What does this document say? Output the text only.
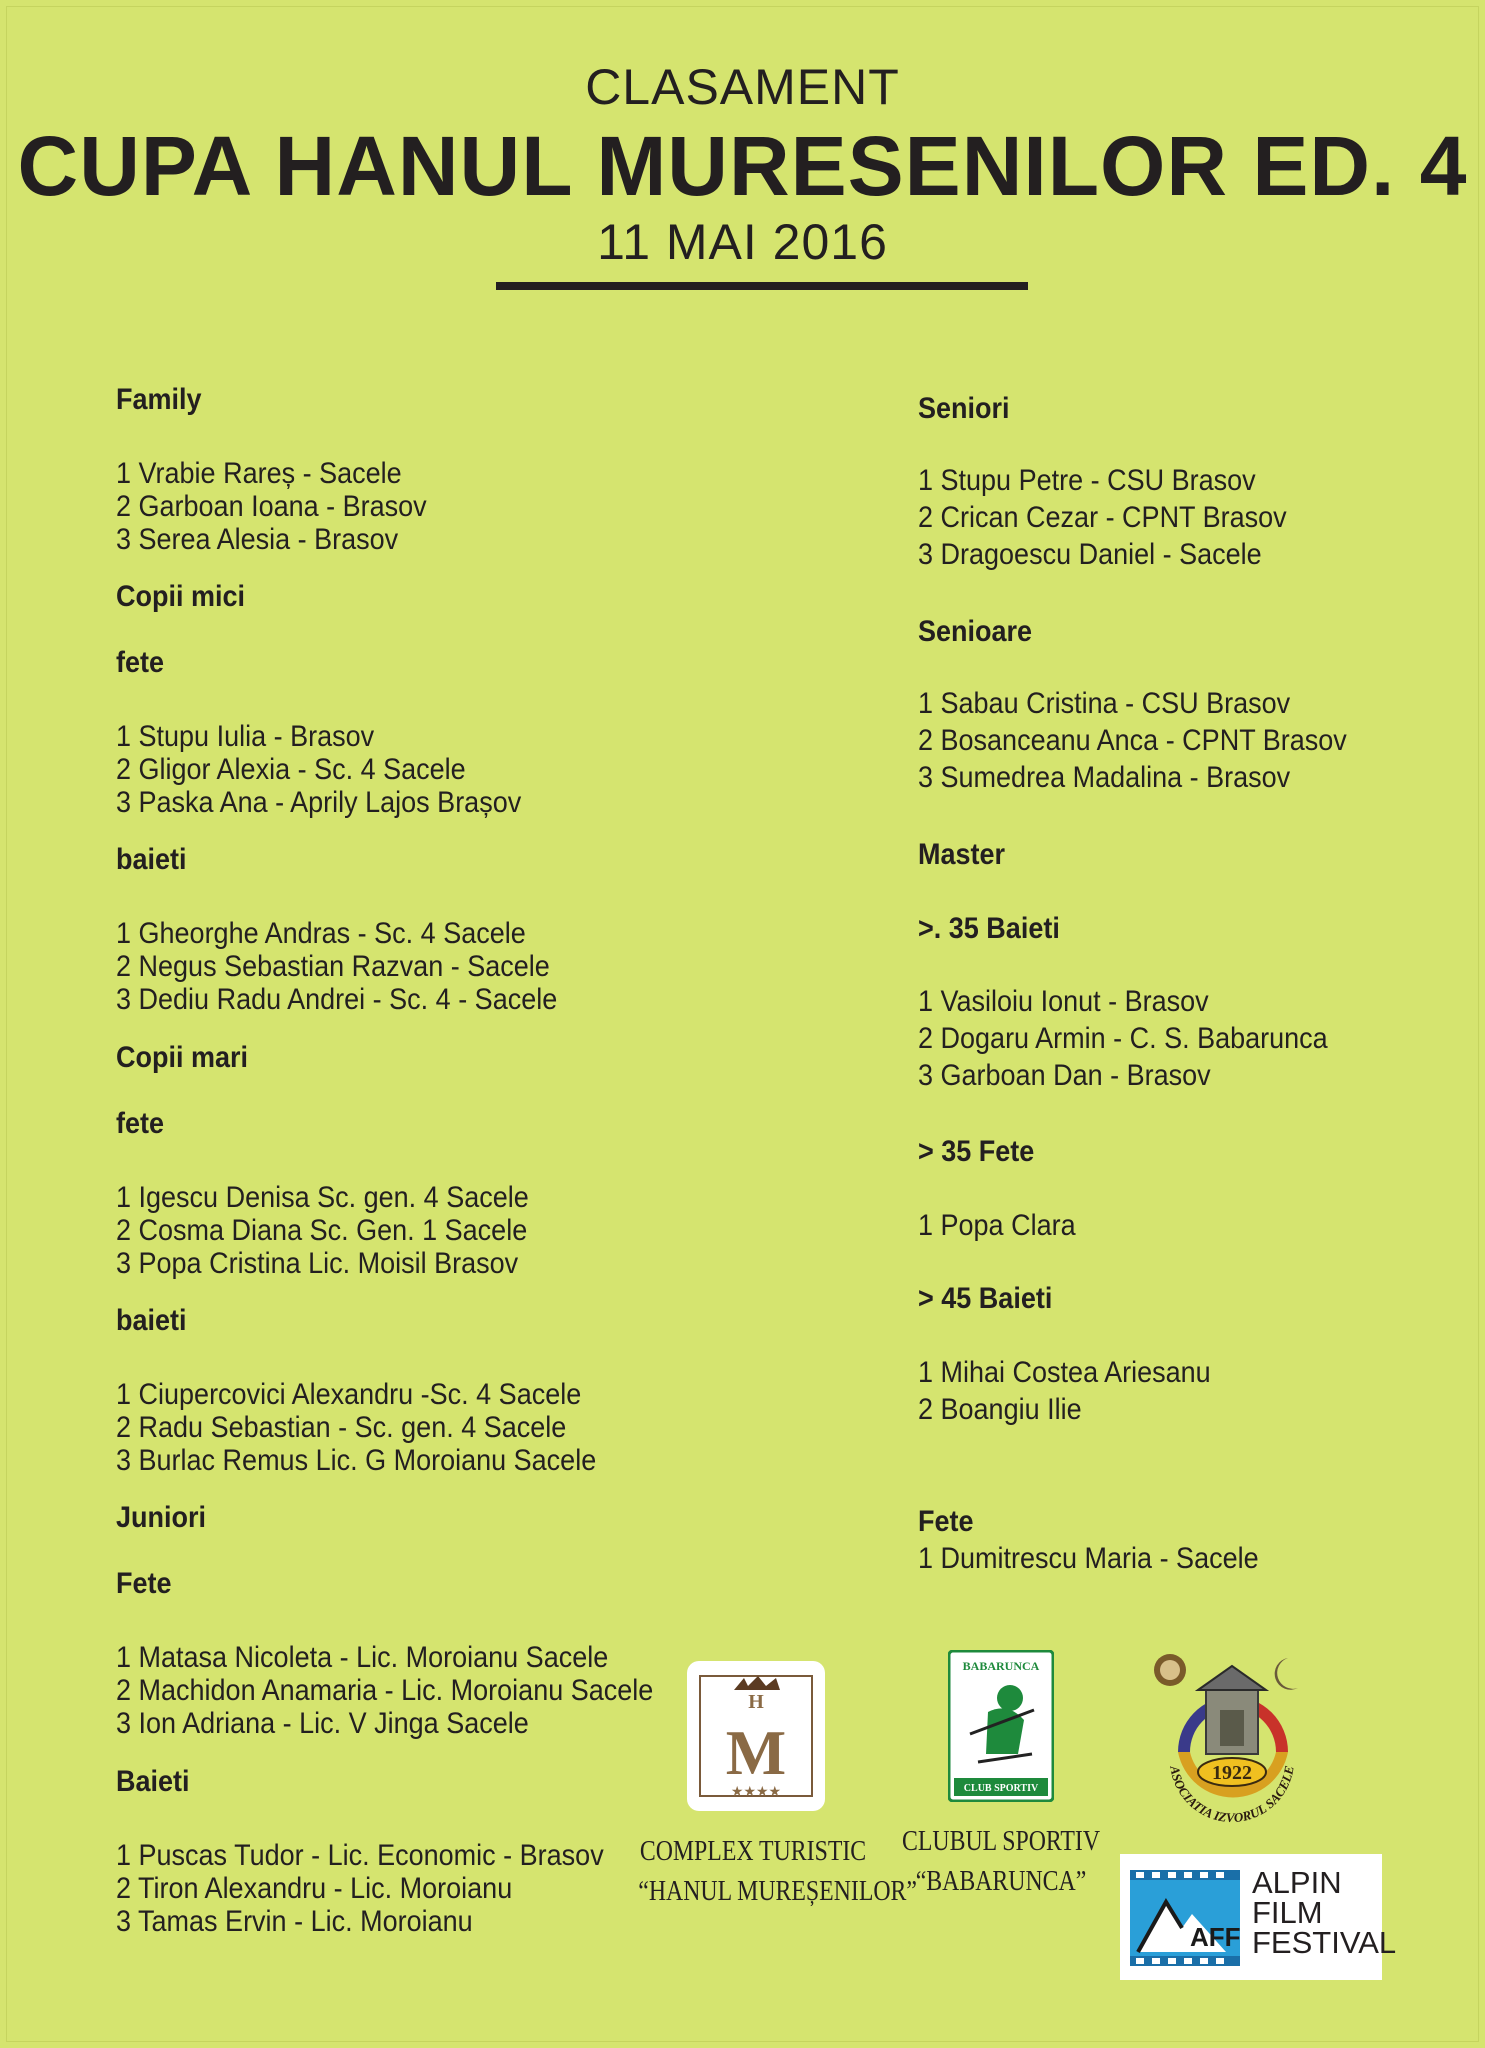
CLASAMENT
CUPA HANUL MURESENILOR ED. 4
11 MAI 2016
Family
1 Vrabie Rareș - Sacele
2 Garboan Ioana - Brasov
3 Serea Alesia - Brasov
Copii mici
fete
1 Stupu Iulia - Brasov
2 Gligor Alexia - Sc. 4 Sacele
3 Paska Ana - Aprily Lajos Brașov
baieti
1 Gheorghe Andras - Sc. 4 Sacele
2 Negus Sebastian Razvan - Sacele
3 Dediu Radu Andrei - Sc. 4 - Sacele
Copii mari
fete
1 Igescu Denisa Sc. gen. 4 Sacele
2 Cosma Diana Sc. Gen. 1 Sacele
3 Popa Cristina Lic. Moisil Brasov
baieti
1 Ciupercovici Alexandru -Sc. 4 Sacele
2 Radu Sebastian - Sc. gen. 4 Sacele
3 Burlac Remus Lic. G Moroianu Sacele
Juniori
Fete
1 Matasa Nicoleta - Lic. Moroianu Sacele
2 Machidon Anamaria - Lic. Moroianu Sacele
3 Ion Adriana - Lic. V Jinga Sacele
Baieti
1 Puscas Tudor - Lic. Economic - Brasov
2 Tiron Alexandru - Lic. Moroianu
3 Tamas Ervin - Lic. Moroianu
Seniori
1 Stupu Petre - CSU Brasov
2 Crican Cezar - CPNT Brasov
3 Dragoescu Daniel - Sacele
Senioare
1 Sabau Cristina - CSU Brasov
2 Bosanceanu Anca - CPNT Brasov
3 Sumedrea Madalina - Brasov
Master
>. 35 Baieti
1 Vasiloiu Ionut - Brasov
2 Dogaru Armin - C. S. Babarunca
3 Garboan Dan - Brasov
> 35 Fete
1 Popa Clara
> 45 Baieti
1 Mihai Costea Ariesanu
2 Boangiu Ilie
Fete
1 Dumitrescu Maria - Sacele
H
M
★★★★
COMPLEX TURISTIC
“HANUL MUREȘENILOR”
BABARUNCA
CLUB SPORTIV
CLUBUL SPORTIV
“BABARUNCA”
1922
ASOCIATIA IZVORUL SACELE
AFF
ALPIN
FILM
FESTIVAL
